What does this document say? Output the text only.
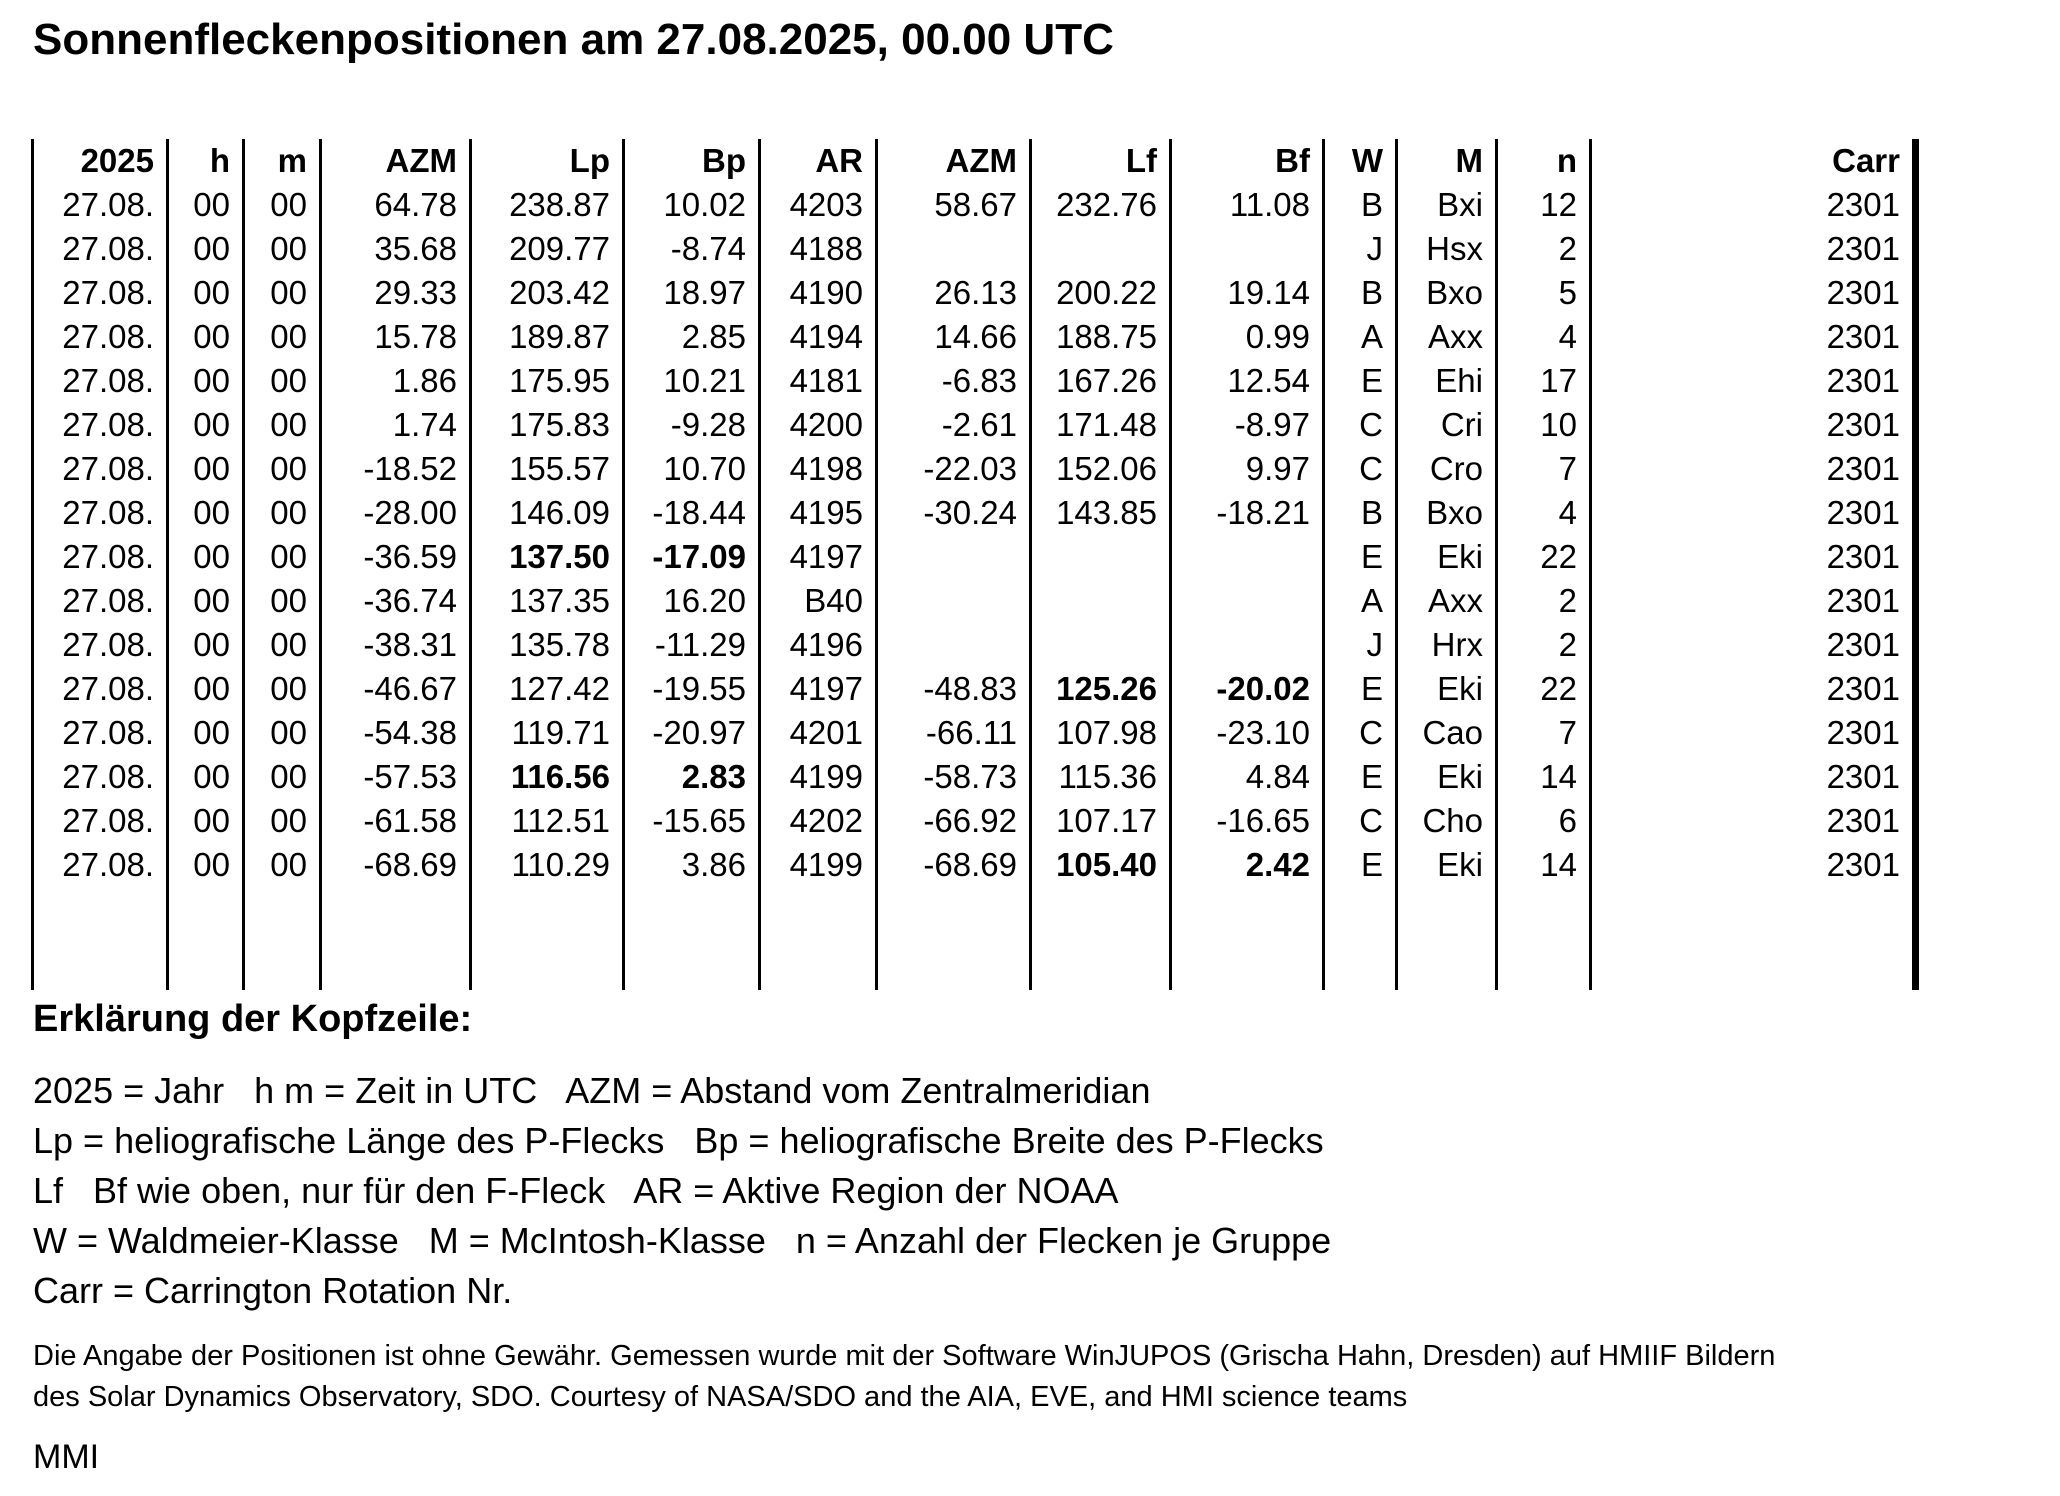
Sonnenfleckenpositionen am 27.08.2025, 00.00 UTC
2025
27.08.
27.08.
27.08.
27.08.
27.08.
27.08.
27.08.
27.08.
27.08.
27.08.
27.08.
27.08.
27.08.
27.08.
27.08.
27.08.
h
00
00
00
00
00
00
00
00
00
00
00
00
00
00
00
00
m
00
00
00
00
00
00
00
00
00
00
00
00
00
00
00
00
AZM
64.78
35.68
29.33
15.78
1.86
1.74
-18.52
-28.00
-36.59
-36.74
-38.31
-46.67
-54.38
-57.53
-61.58
-68.69
Lp
238.87
209.77
203.42
189.87
175.95
175.83
155.57
146.09
137.50
137.35
135.78
127.42
119.71
116.56
112.51
110.29
Bp
10.02
-8.74
18.97
2.85
10.21
-9.28
10.70
-18.44
-17.09
16.20
-11.29
-19.55
-20.97
2.83
-15.65
3.86
AR
4203
4188
4190
4194
4181
4200
4198
4195
4197
B40
4196
4197
4201
4199
4202
4199
AZM
58.67
26.13
14.66
-6.83
-2.61
-22.03
-30.24
-48.83
-66.11
-58.73
-66.92
-68.69
Lf
232.76
200.22
188.75
167.26
171.48
152.06
143.85
125.26
107.98
115.36
107.17
105.40
Bf
11.08
19.14
0.99
12.54
-8.97
9.97
-18.21
-20.02
-23.10
4.84
-16.65
2.42
W
B
J
B
A
E
C
C
B
E
A
J
E
C
E
C
E
M
Bxi
Hsx
Bxo
Axx
Ehi
Cri
Cro
Bxo
Eki
Axx
Hrx
Eki
Cao
Eki
Cho
Eki
n
12
2
5
4
17
10
7
4
22
2
2
22
7
14
6
14
Carr
2301
2301
2301
2301
2301
2301
2301
2301
2301
2301
2301
2301
2301
2301
2301
2301
Erklärung der Kopfzeile:
2025 = Jahr   h m = Zeit in UTC   AZM = Abstand vom Zentralmeridian
Lp = heliografische Länge des P-Flecks   Bp = heliografische Breite des P-Flecks
Lf   Bf wie oben, nur für den F-Fleck   AR = Aktive Region der NOAA
W = Waldmeier-Klasse   M = McIntosh-Klasse   n = Anzahl der Flecken je Gruppe
Carr = Carrington Rotation Nr.
Die Angabe der Positionen ist ohne Gewähr. Gemessen wurde mit der Software WinJUPOS (Grischa Hahn, Dresden) auf HMIIF Bildern
des Solar Dynamics Observatory, SDO. Courtesy of NASA/SDO and the AIA, EVE, and HMI science teams
MMI
